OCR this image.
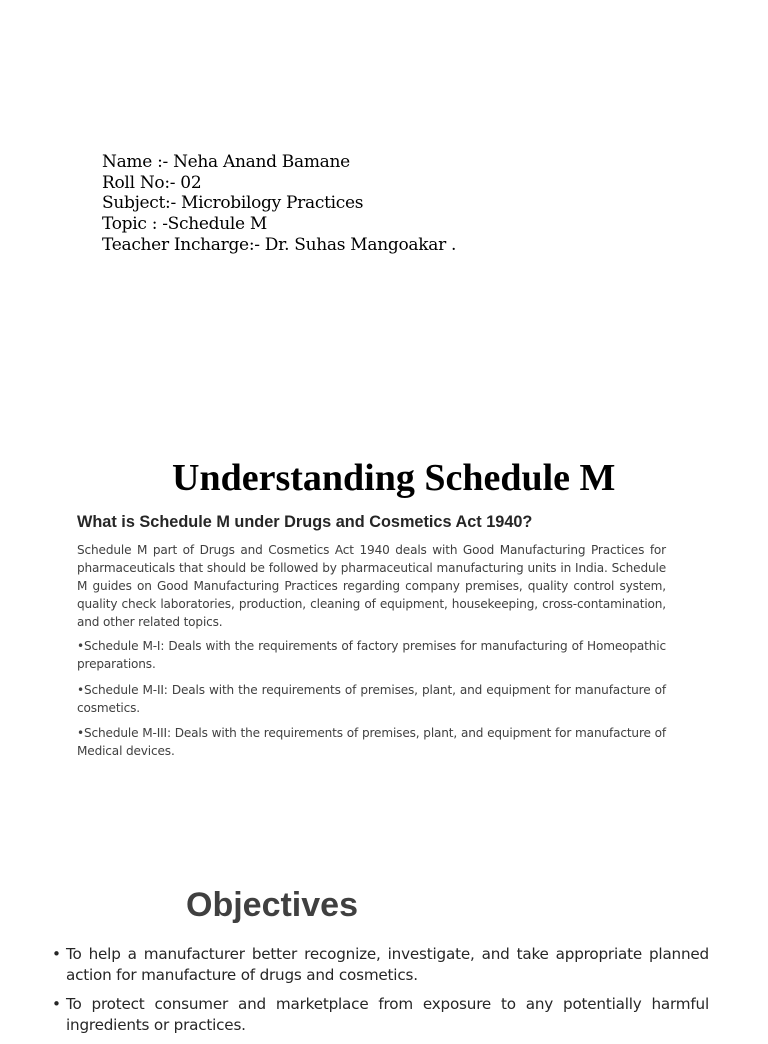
Name :- Neha Anand Bamane
Roll No:- 02
Subject:- Microbilogy Practices
Topic : -Schedule M
Teacher Incharge:- Dr. Suhas Mangoakar .
Understanding Schedule M
What is Schedule M under Drugs and Cosmetics Act 1940?
Schedule M part of Drugs and Cosmetics Act 1940 deals with Good Manufacturing Practices for pharmaceuticals that should be followed by pharmaceutical manufacturing units in India. Schedule M guides on Good Manufacturing Practices regarding company premises, quality control system, quality check laboratories, production, cleaning of equipment, housekeeping, cross-contamination, and other related topics.
•Schedule M-I: Deals with the requirements of factory premises for manufacturing of Homeopathic preparations.
•Schedule M-II: Deals with the requirements of premises, plant, and equipment for manufacture of cosmetics.
•Schedule M-III: Deals with the requirements of premises, plant, and equipment for manufacture of Medical devices.
Objectives
• To help a manufacturer better recognize, investigate, and take appropriate planned action for manufacture of drugs and cosmetics.
• To protect consumer and marketplace from exposure to any potentially harmful ingredients or practices.
